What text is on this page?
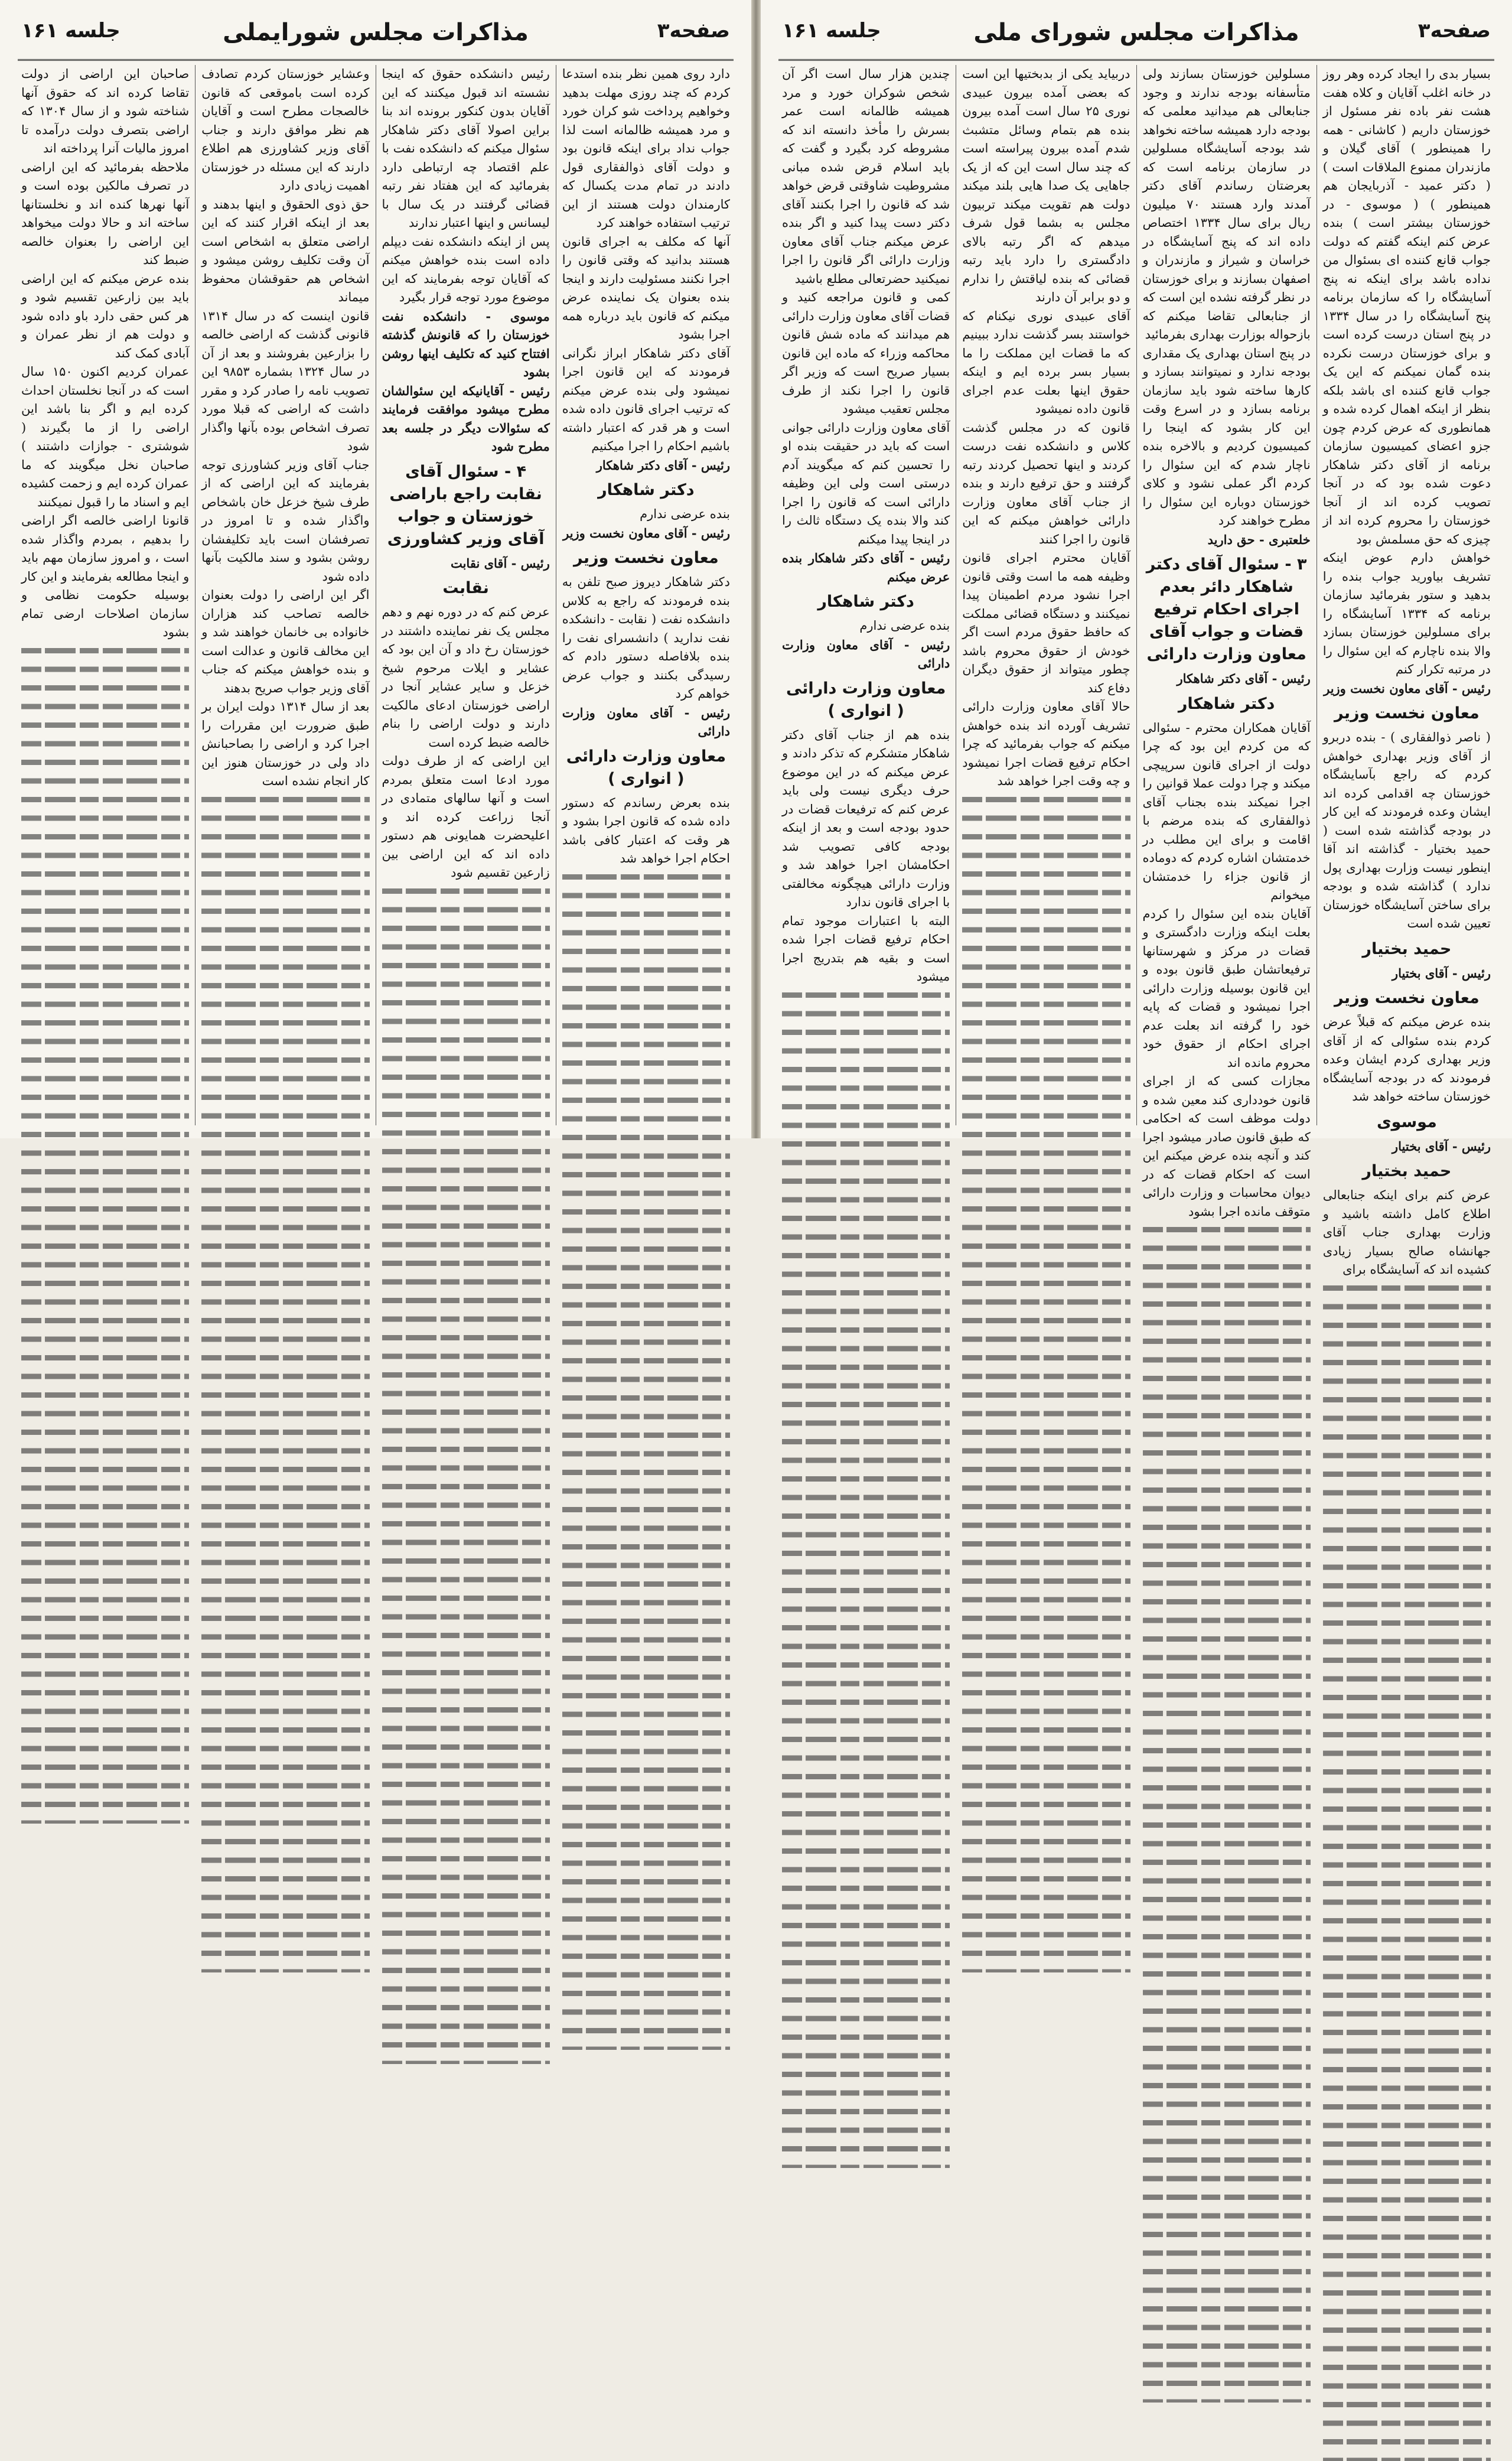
صفحه۳
مذاکرات مجلس شورای ملی
جلسه ۱۶۱

بسیار بدی را ایجاد کرده وهر روز در خانه اغلب آقایان و کلاه هفت هشت نفر باده نفر مسئول از خوزستان داریم ( کاشانی - همه را همینطور ) آقای گیلان و مازندران ممنوع الملاقات است ) ( دکتر عمید - آذربایجان هم همینطور ) ( موسوی - در خوزستان بیشتر است ) بنده عرض کنم اینکه گفتم که دولت جواب قانع کننده ای بسئوال من نداده باشد برای اینکه نه پنج آسایشگاه را که سازمان برنامه پنج آسایشگاه را در سال ۱۳۳۴ در پنج استان درست کرده است و برای خوزستان درست نکرده بنده گمان نمیکنم که این یک جواب قانع کننده ای باشد بلکه بنظر از اینکه اهمال کرده شده و همانطوری که عرض کردم چون جزو اعضای کمیسیون سازمان برنامه از آقای دکتر شاهکار دعوت شده بود که در آنجا تصویب کرده اند از آنجا خوزستان را محروم کرده اند از چیزی که حق مسلمش بود

خواهش دارم عوض اینکه تشریف بیاورید جواب بنده را بدهید و ستور بفرمائید سازمان برنامه که ۱۳۳۴ آسایشگاه را برای مسلولین خوزستان بسازد والا بنده ناچارم که این سئوال را در مرتبه تکرار کنم

رئیس - آقای معاون نخست وزیر

معاون نخست وزیر

( ناصر ذوالفقاری ) - بنده دربرو از آقای وزیر بهداری خواهش کردم که راجع بآسایشگاه خوزستان چه اقدامی کرده اند ایشان وعده فرمودند که این کار در بودجه گذاشته شده است ( حمید بختیار - گذاشته اند آقا اینطور نیست وزارت بهداری پول ندارد ) گذاشته شده و بودجه برای ساختن آسایشگاه خوزستان تعیین شده است

حمید بختیار

رئیس - آقای بختیار

معاون نخست وزیر

بنده عرض میکنم که قبلاً عرض کردم بنده سئوالی که از آقای وزیر بهداری کردم ایشان وعده فرمودند که در بودجه آسایشگاه خوزستان ساخته خواهد شد

موسوی

رئیس - آقای بختیار

حمید بختیار

عرض کنم برای اینکه جنابعالی اطلاع کامل داشته باشید و وزارت بهداری جناب آقای جهانشاه صالح بسیار زیادی کشیده اند که آسایشگاه برای

مسلولین خوزستان بسازند ولی متأسفانه بودجه ندارند و وجود جنابعالی هم میدانید معلمی که بودجه دارد همیشه ساخته نخواهد شد بودجه آسایشگاه مسلولین در سازمان برنامه است که بعرضتان رساندم آقای دکتر آمدند وارد هستند ۷۰ میلیون ریال برای سال ۱۳۳۴ اختصاص داده اند که پنج آسایشگاه در خراسان و شیراز و مازندران و اصفهان بسازند و برای خوزستان در نظر گرفته نشده این است که از جنابعالی تقاضا میکنم که بازحواله بوزارت بهداری بفرمائید

در پنج استان بهداری یک مقداری بودجه ندارد و نمیتوانند بسازد و کارها ساخته شود باید سازمان برنامه بسازد و در اسرع وقت این کار بشود که اینجا را کمیسیون کردیم و بالاخره بنده ناچار شدم که این سئوال را کردم اگر عملی نشود و کلای خوزستان دوباره این سئوال را مطرح خواهند کرد

خلعتبری - حق دارید

۳ - سئوال آقای دکتر شاهکار دائر بعدم اجرای احکام ترفیع قضات و جواب آقای معاون وزارت دارائی

رئیس - آقای دکتر شاهکار

دکتر شاهکار

آقایان همکاران محترم - سئوالی که من کردم این بود که چرا دولت از اجرای قانون سرپیچی میکند و چرا دولت عملا قوانین را اجرا نمیکند بنده بجناب آقای ذوالفقاری که بنده مرضم با اقامت و برای این مطلب در خدمتشان اشاره کردم که دوماده از قانون جزاء را خدمتشان میخوانم

آقایان بنده این سئوال را کردم بعلت اینکه وزارت دادگستری و قضات در مرکز و شهرستانها ترفیعاتشان طبق قانون بوده و این قانون بوسیله وزارت دارائی اجرا نمیشود و قضات که پایه خود را گرفته اند بعلت عدم اجرای احکام از حقوق خود محروم مانده اند

مجازات کسی که از اجرای قانون خودداری کند معین شده و دولت موظف است که احکامی که طبق قانون صادر میشود اجرا کند و آنچه بنده عرض میکنم این است که احکام قضات که در دیوان محاسبات و وزارت دارائی متوقف مانده اجرا بشود

دربیاید یکی از بدبختیها این است که بعضی آمده بیرون عبیدی نوری ۲۵ سال است آمده بیرون بنده هم بتمام وسائل متشبث شدم آمده بیرون پیراسته است که چند سال است این که از یک جاهایی یک صدا هایی بلند میکند دولت هم تقویت میکند تربیون مجلس به بشما قول شرف میدهم که اگر رتبه بالای دادگستری را دارد باید رتبه قضائی که بنده لیاقتش را ندارم و دو برابر آن دارند

آقای عبیدی نوری نیکنام که خواستند بسر گذشت ندارد ببینیم که ما قضات این مملکت را ما بسیار بسر برده ایم و اینکه حقوق اینها بعلت عدم اجرای قانون داده نمیشود

قانون که در مجلس گذشت کلاس و دانشکده نفت درست کردند و اینها تحصیل کردند رتبه گرفتند و حق ترفیع دارند و بنده از جناب آقای معاون وزارت دارائی خواهش میکنم که این قانون را اجرا کنند

آقایان محترم اجرای قانون وظیفه همه ما است وقتی قانون اجرا نشود مردم اطمینان پیدا نمیکنند و دستگاه قضائی مملکت که حافظ حقوق مردم است اگر خودش از حقوق محروم باشد چطور میتواند از حقوق دیگران دفاع کند

حالا آقای معاون وزارت دارائی تشریف آورده اند بنده خواهش میکنم که جواب بفرمائید که چرا احکام ترفیع قضات اجرا نمیشود و چه وقت اجرا خواهد شد

چندین هزار سال است اگر آن شخص شوکران خورد و مرد همیشه ظالمانه است عمر بسرش را مأخذ دانسته اند که مشروطه کرد بگیرد و گفت که باید اسلام قرض شده مبانی مشروطیت شاوقتی قرض خواهد شد که قانون را اجرا بکنند آقای دکتر دست پیدا کنید و اگر بنده عرض میکنم جناب آقای معاون وزارت دارائی اگر قانون را اجرا نمیکنید حضرتعالی مطلع باشید

کمی و قانون مراجعه کنید و قضات آقای معاون وزارت دارائی هم میدانند که ماده شش قانون محاکمه وزراء که ماده این قانون بسیار صریح است که وزیر اگر قانون را اجرا نکند از طرف مجلس تعقیب میشود

آقای معاون وزارت دارائی جوانی است که باید در حقیقت بنده او را تحسین کنم که میگویند آدم درستی است ولی این وظیفه دارائی است که قانون را اجرا کند والا بنده یک دستگاه ثالث را در اینجا پیدا میکنم

رئیس - آقای دکتر شاهکار بنده عرض میکنم

دکتر شاهکار

بنده عرضی ندارم

رئیس - آقای معاون وزارت دارائی

معاون وزارت دارائی ( انواری )

بنده هم از جناب آقای دکتر شاهکار متشکرم که تذکر دادند و عرض میکنم که در این موضوع حرف دیگری نیست ولی باید عرض کنم که ترفیعات قضات در حدود بودجه است و بعد از اینکه بودجه کافی تصویب شد احکامشان اجرا خواهد شد و وزارت دارائی هیچگونه مخالفتی با اجرای قانون ندارد

البته با اعتبارات موجود تمام احکام ترفیع قضات اجرا شده است و بقیه هم بتدریج اجرا میشود

صفحه۳
مذاکرات مجلس شورایملی
جلسه ۱۶۱

دارد روی همین نظر بنده استدعا کردم که چند روزی مهلت بدهید وخواهیم پرداخت شو کران خورد و مرد همیشه ظالمانه است لذا جواب نداد برای اینکه قانون بود و دولت آقای ذوالفقاری قول دادند در تمام مدت یکسال که کارمندان دولت هستند از این ترتیب استفاده خواهند کرد

آنها که مکلف به اجرای قانون هستند بدانید که وقتی قانون را اجرا نکنند مسئولیت دارند و اینجا بنده بعنوان یک نماینده عرض میکنم که قانون باید درباره همه اجرا بشود

آقای دکتر شاهکار ابراز نگرانی فرمودند که این قانون اجرا نمیشود ولی بنده عرض میکنم که ترتیب اجرای قانون داده شده است و هر قدر که اعتبار داشته باشیم احکام را اجرا میکنیم

رئیس - آقای دکتر شاهکار

دکتر شاهکار

بنده عرضی ندارم

رئیس - آقای معاون نخست وزیر

معاون نخست وزیر

دکتر شاهکار دیروز صبح تلفن به بنده فرمودند که راجع به کلاس دانشکده نفت ( نقابت - دانشکده نفت ندارید ) دانشسرای نفت را بنده بلافاصله دستور دادم که رسیدگی بکنند و جواب عرض خواهم کرد

رئیس - آقای معاون وزارت دارائی

معاون وزارت دارائی ( انواری )

بنده بعرض رساندم که دستور داده شده که قانون اجرا بشود و هر وقت که اعتبار کافی باشد احکام اجرا خواهد شد

رئیس دانشکده حقوق که اینجا نشسته اند قبول میکنند که این آقایان بدون کنکور برونده اند بنا براین اصولا آقای دکتر شاهکار سئوال میکنم که دانشکده نفت با علم اقتصاد چه ارتباطی دارد بفرمائید که این هفتاد نفر رتبه قضائی گرفتند در یک سال با لیسانس و اینها اعتبار ندارند

پس از اینکه دانشکده نفت دیپلم داده است بنده خواهش میکنم که آقایان توجه بفرمایند که این موضوع مورد توجه قرار بگیرد

موسوی - دانشکده نفت خوزستان را که قانونش گذشته افتتاح کنید که تکلیف اینها روشن بشود

رئیس - آقایانیکه این سئوالشان مطرح میشود موافقت فرمایند که سئوالات دیگر در جلسه بعد مطرح شود

۴ - سئوال آقای نقابت راجع باراضی خوزستان و جواب آقای وزیر کشاورزی

رئیس - آقای نقابت

نقابت

عرض کنم که در دوره نهم و دهم مجلس یک نفر نماینده داشتند در خوزستان رخ داد و آن این بود که عشایر و ایلات مرحوم شیخ خزعل و سایر عشایر آنجا در اراضی خوزستان ادعای مالکیت دارند و دولت اراضی را بنام خالصه ضبط کرده است

این اراضی که از طرف دولت مورد ادعا است متعلق بمردم است و آنها سالهای متمادی در آنجا زراعت کرده اند و اعلیحضرت همایونی هم دستور داده اند که این اراضی بین زارعین تقسیم شود

وعشایر خوزستان کردم تصادف کرده است باموقعی که قانون خالصجات مطرح است و آقایان هم نظر موافق دارند و جناب آقای وزیر کشاورزی هم اطلاع دارند که این مسئله در خوزستان اهمیت زیادی دارد

حق ذوی الحقوق و اینها بدهند و بعد از اینکه اقرار کنند که این اراضی متعلق به اشخاص است آن وقت تکلیف روشن میشود و اشخاص هم حقوقشان محفوظ میماند

قانون اینست که در سال ۱۳۱۴ قانونی گذشت که اراضی خالصه را بزارعین بفروشند و بعد از آن در سال ۱۳۲۴ بشماره ۹۸۵۳ این تصویب نامه را صادر کرد و مقرر داشت که اراضی که قبلا مورد تصرف اشخاص بوده بآنها واگذار شود

جناب آقای وزیر کشاورزی توجه بفرمایند که این اراضی که از طرف شیخ خزعل خان باشخاص واگذار شده و تا امروز در تصرفشان است باید تکلیفشان روشن بشود و سند مالکیت بآنها داده شود

اگر این اراضی را دولت بعنوان خالصه تصاحب کند هزاران خانواده بی خانمان خواهند شد و این مخالف قانون و عدالت است و بنده خواهش میکنم که جناب آقای وزیر جواب صریح بدهند

بعد از سال ۱۳۱۴ دولت ایران بر طبق ضرورت این مقررات را اجرا کرد و اراضی را بصاحبانش داد ولی در خوزستان هنوز این کار انجام نشده است

صاحبان این اراضی از دولت تقاضا کرده اند که حقوق آنها شناخته شود و از سال ۱۳۰۴ که اراضی بتصرف دولت درآمده تا امروز مالیات آنرا پرداخته اند

ملاحظه بفرمائید که این اراضی در تصرف مالکین بوده است و آنها نهرها کنده اند و نخلستانها ساخته اند و حالا دولت میخواهد این اراضی را بعنوان خالصه ضبط کند

بنده عرض میکنم که این اراضی باید بین زارعین تقسیم شود و هر کس حقی دارد باو داده شود و دولت هم از نظر عمران و آبادی کمک کند

عمران کردیم اکنون ۱۵۰ سال است که در آنجا نخلستان احداث کرده ایم و اگر بنا باشد این اراضی را از ما بگیرند ( شوشتری - جوازات داشتند ) صاحبان نخل میگویند که ما عمران کرده ایم و زحمت کشیده ایم و اسناد ما را قبول نمیکنند

قانونا اراضی خالصه اگر اراضی را بدهیم ، بمردم واگذار شده است ، و امروز سازمان مهم باید و اینجا مطالعه بفرمایند و این کار بوسیله حکومت نظامی و سازمان اصلاحات ارضی تمام بشود
